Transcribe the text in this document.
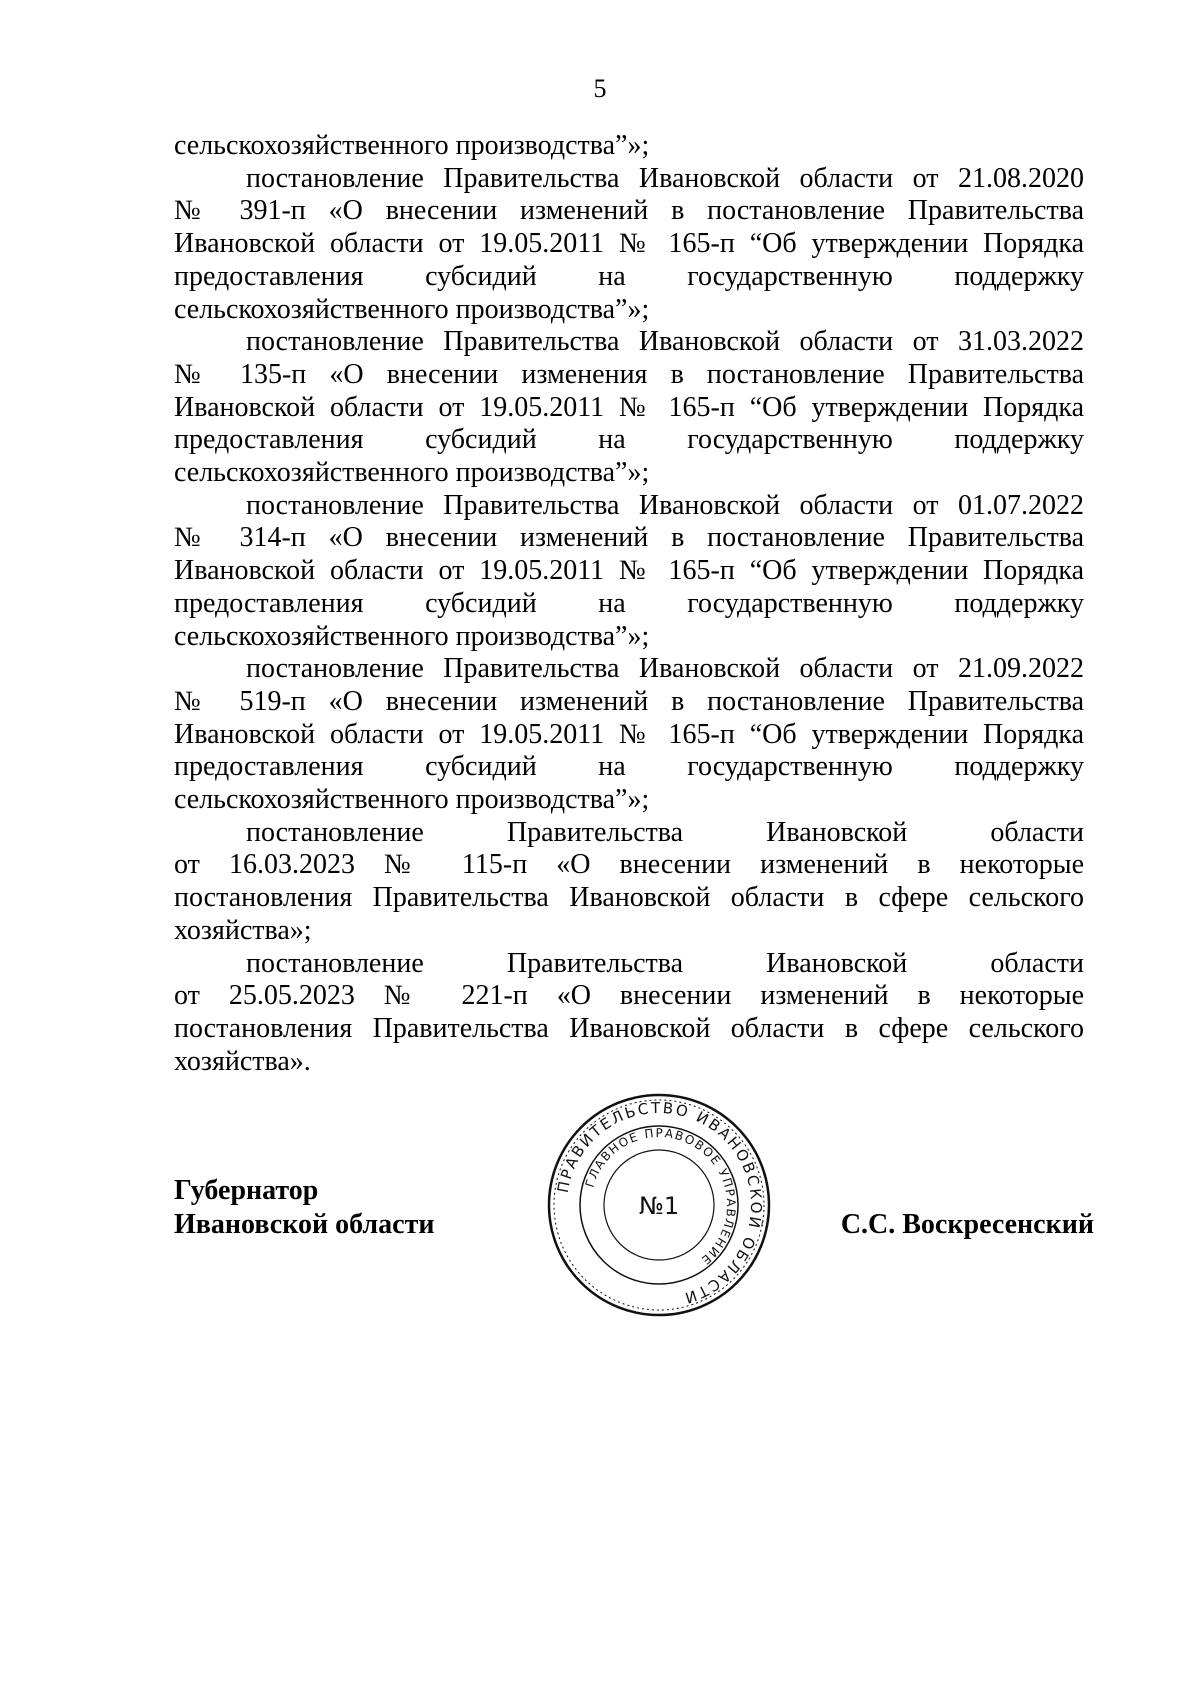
5
сельскохозяйственного производства”»;
постановление Правительства Ивановской области от 21.08.2020
№ 391-п «О внесении изменений в постановление Правительства
Ивановской области от 19.05.2011 № 165-п “Об утверждении Порядка
предоставления субсидий на государственную поддержку
сельскохозяйственного производства”»;
постановление Правительства Ивановской области от 31.03.2022
№ 135-п «О внесении изменения в постановление Правительства
Ивановской области от 19.05.2011 № 165-п “Об утверждении Порядка
предоставления субсидий на государственную поддержку
сельскохозяйственного производства”»;
постановление Правительства Ивановской области от 01.07.2022
№ 314-п «О внесении изменений в постановление Правительства
Ивановской области от 19.05.2011 № 165-п “Об утверждении Порядка
предоставления субсидий на государственную поддержку
сельскохозяйственного производства”»;
постановление Правительства Ивановской области от 21.09.2022
№ 519-п «О внесении изменений в постановление Правительства
Ивановской области от 19.05.2011 № 165-п “Об утверждении Порядка
предоставления субсидий на государственную поддержку
сельскохозяйственного производства”»;
постановление Правительства Ивановской области
от 16.03.2023 № 115-п «О внесении изменений в некоторые
постановления Правительства Ивановской области в сфере сельского
хозяйства»;
постановление Правительства Ивановской области
от 25.05.2023 № 221-п «О внесении изменений в некоторые
постановления Правительства Ивановской области в сфере сельского
хозяйства».
Губернатор
Ивановской области
ПРАВИТЕЛЬСТВО ИВАНОВСКОЙ ОБЛАСТИ
ГЛАВНОЕ ПРАВОВОЕ УПРАВЛЕНИЕ
№1
С.С. Воскресенский
